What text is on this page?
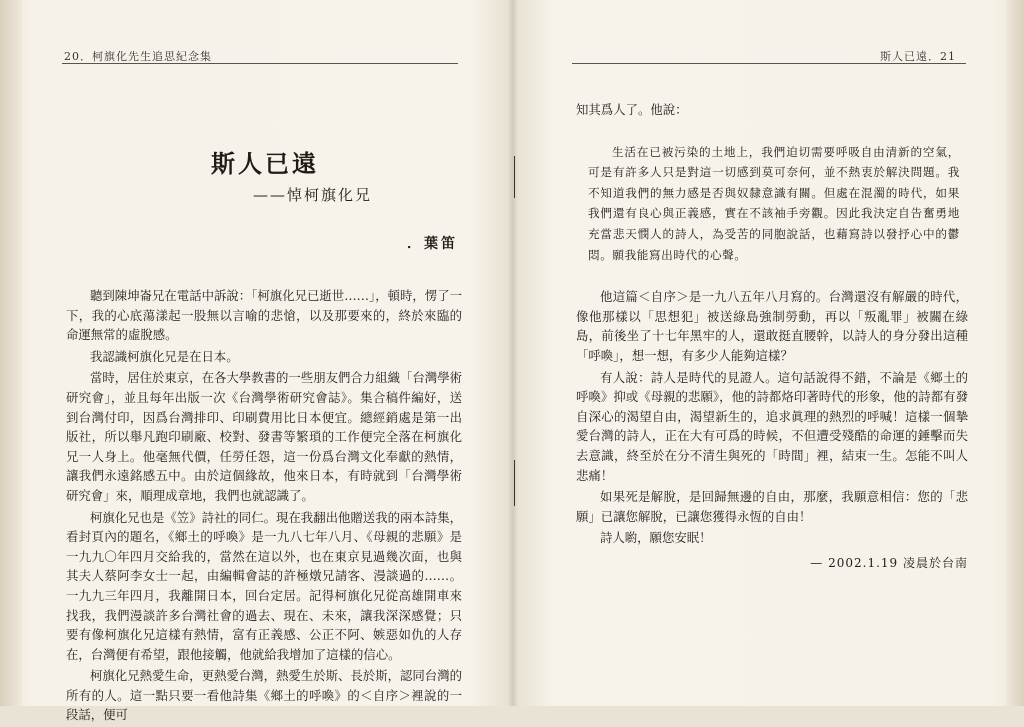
20．柯旗化先生追思紀念集
斯人已遠
——悼柯旗化兄
．葉笛

聽到陳坤崙兄在電話中訴說：「柯旗化兄已逝世……」，頓時，愣了一下，我的心底蕩漾起一股無以言喻的悲愴，以及那要來的，終於來臨的命運無常的虛脫感。

我認識柯旗化兄是在日本。

當時，居住於東京，在各大學教書的一些朋友們合力組織「台灣學術研究會」，並且每年出版一次《台灣學術研究會誌》。集合稿件編好，送到台灣付印，因爲台灣排印、印刷費用比日本便宜。總經銷處是第一出版社，所以舉凡跑印刷廠、校對、發書等繁瑣的工作便完全落在柯旗化兄一人身上。他毫無代價，任勞任怨，這一份爲台灣文化奉獻的熱情，讓我們永遠銘感五中。由於這個緣故，他來日本，有時就到「台灣學術研究會」來，順理成章地，我們也就認識了。

柯旗化兄也是《笠》詩社的同仁。現在我翻出他贈送我的兩本詩集，看封頁內的題名，《鄉土的呼喚》是一九八七年八月、《母親的悲願》是一九九〇年四月交給我的，當然在這以外，也在東京見過幾次面，也與其夫人蔡阿李女士一起，由編輯會誌的許極燉兄請客、漫談過的……。一九九三年四月，我離開日本，回台定居。記得柯旗化兄從高雄開車來找我，我們漫談許多台灣社會的過去、現在、未來，讓我深深感覺；只要有像柯旗化兄這樣有熱情，富有正義感、公正不阿、嫉惡如仇的人存在，台灣便有希望，跟他接觸，他就給我增加了這樣的信心。

柯旗化兄熱愛生命，更熱愛台灣，熱愛生於斯、長於斯，認同台灣的所有的人。這一點只要一看他詩集《鄉土的呼喚》的＜自序＞裡說的一段話，便可

斯人已遠．21

知其爲人了。他說：

生活在已被污染的土地上，我們迫切需要呼吸自由清新的空氣，可是有許多人只是對這一切感到莫可奈何，並不熱衷於解決問題。我不知道我們的無力感是否與奴隸意識有關。但處在混濁的時代，如果我們還有良心與正義感，實在不該袖手旁觀。因此我決定自告奮勇地充當悲天憫人的詩人，為受苦的同胞說話，也藉寫詩以發抒心中的鬱悶。願我能寫出時代的心聲。

他這篇＜自序＞是一九八五年八月寫的。台灣還沒有解嚴的時代，像他那樣以「思想犯」被送綠島強制勞動，再以「叛亂罪」被關在綠島，前後坐了十七年黑牢的人，還敢挺直腰幹，以詩人的身分發出這種「呼喚」，想一想，有多少人能夠這樣？

有人說：詩人是時代的見證人。這句話說得不錯，不論是《鄉土的呼喚》抑或《母親的悲願》，他的詩都烙印著時代的形象，他的詩都有發自深心的渴望自由，渴望新生的，追求眞理的熱烈的呼喊！這樣一個摯愛台灣的詩人，正在大有可爲的時候，不但遭受殘酷的命運的錘擊而失去意識，終至於在分不清生與死的「時間」裡，結束一生。怎能不叫人悲痛！

如果死是解脫，是回歸無邊的自由，那麼，我願意相信：您的「悲願」已讓您解脫，已讓您獲得永恆的自由！

詩人喲，願您安眠！

— 2002.1.19 凌晨於台南
